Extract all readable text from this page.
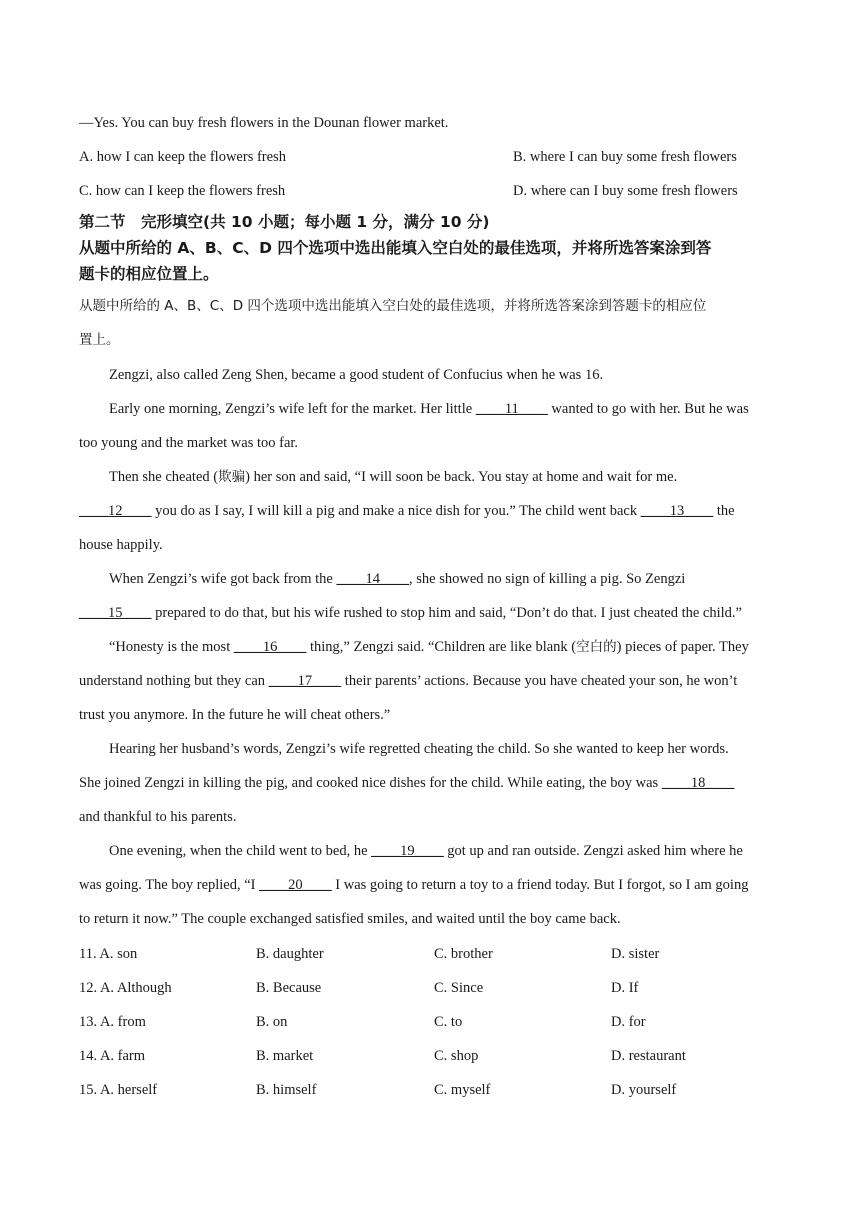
—Yes. You can buy fresh flowers in the Dounan flower market.
A. how I can keep the flowers fresh	B. where I can buy some fresh flowers
C. how can I keep the flowers fresh	D. where can I buy some fresh flowers
第二节　完形填空(共 10 小题；每小题 1 分，满分 10 分)
从题中所给的 A、B、C、D 四个选项中选出能填入空白处的最佳选项，并将所选答案涂到答
题卡的相应位置上。
从题中所给的 A、B、C、D 四个选项中选出能填入空白处的最佳选项，并将所选答案涂到答题卡的相应位
置上。
Zengzi, also called Zeng Shen, became a good student of Confucius when he was 16.
Early one morning, Zengzi’s wife left for the market. Her little ____11____ wanted to go with her. But he was
too young and the market was too far.
Then she cheated (欺骗) her son and said, “I will soon be back. You stay at home and wait for me.
____12____ you do as I say, I will kill a pig and make a nice dish for you.” The child went back ____13____ the
house happily.
When Zengzi’s wife got back from the ____14____, she showed no sign of killing a pig. So Zengzi
____15____ prepared to do that, but his wife rushed to stop him and said, “Don’t do that. I just cheated the child.”
“Honesty is the most ____16____ thing,” Zengzi said. “Children are like blank (空白的) pieces of paper. They
understand nothing but they can ____17____ their parents’ actions. Because you have cheated your son, he won’t
trust you anymore. In the future he will cheat others.”
Hearing her husband’s words, Zengzi’s wife regretted cheating the child. So she wanted to keep her words.
She joined Zengzi in killing the pig, and cooked nice dishes for the child. While eating, the boy was ____18____
and thankful to his parents.
One evening, when the child went to bed, he ____19____ got up and ran outside. Zengzi asked him where he
was going. The boy replied, “I ____20____ I was going to return a toy to a friend today. But I forgot, so I am going
to return it now.” The couple exchanged satisfied smiles, and waited until the boy came back.
11. A. son	B. daughter	C. brother	D. sister
12. A. Although	B. Because	C. Since	D. If
13. A. from	B. on	C. to	D. for
14. A. farm	B. market	C. shop	D. restaurant
15. A. herself	B. himself	C. myself	D. yourself
